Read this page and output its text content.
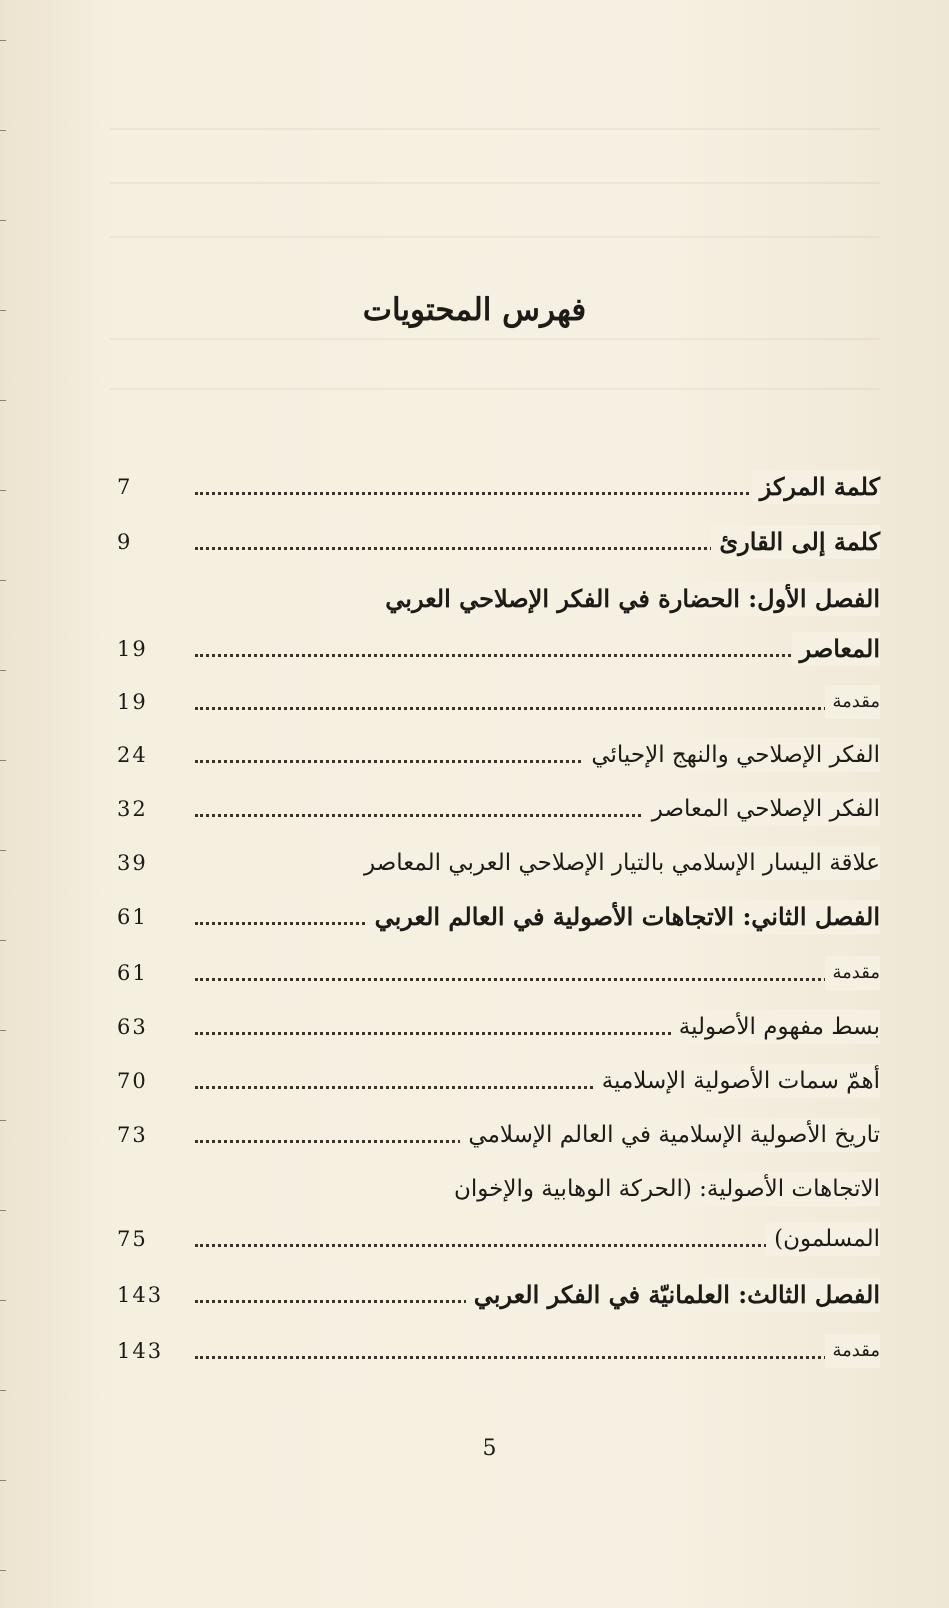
فهرس المحتويات
كلمة المركز
7
كلمة إلى القارئ
9
الفصل الأول: الحضارة في الفكر الإصلاحي العربي
المعاصر
19
مقدمة
19
الفكر الإصلاحي والنهج الإحيائي
24
الفكر الإصلاحي المعاصر
32
علاقة اليسار الإسلامي بالتيار الإصلاحي العربي المعاصر
39
الفصل الثاني: الاتجاهات الأصولية في العالم العربي
61
مقدمة
61
بسط مفهوم الأصولية
63
أهمّ سمات الأصولية الإسلامية
70
تاريخ الأصولية الإسلامية في العالم الإسلامي
73
الاتجاهات الأصولية: (الحركة الوهابية والإخوان
المسلمون)
75
الفصل الثالث: العلمانيّة في الفكر العربي
143
مقدمة
143
5
